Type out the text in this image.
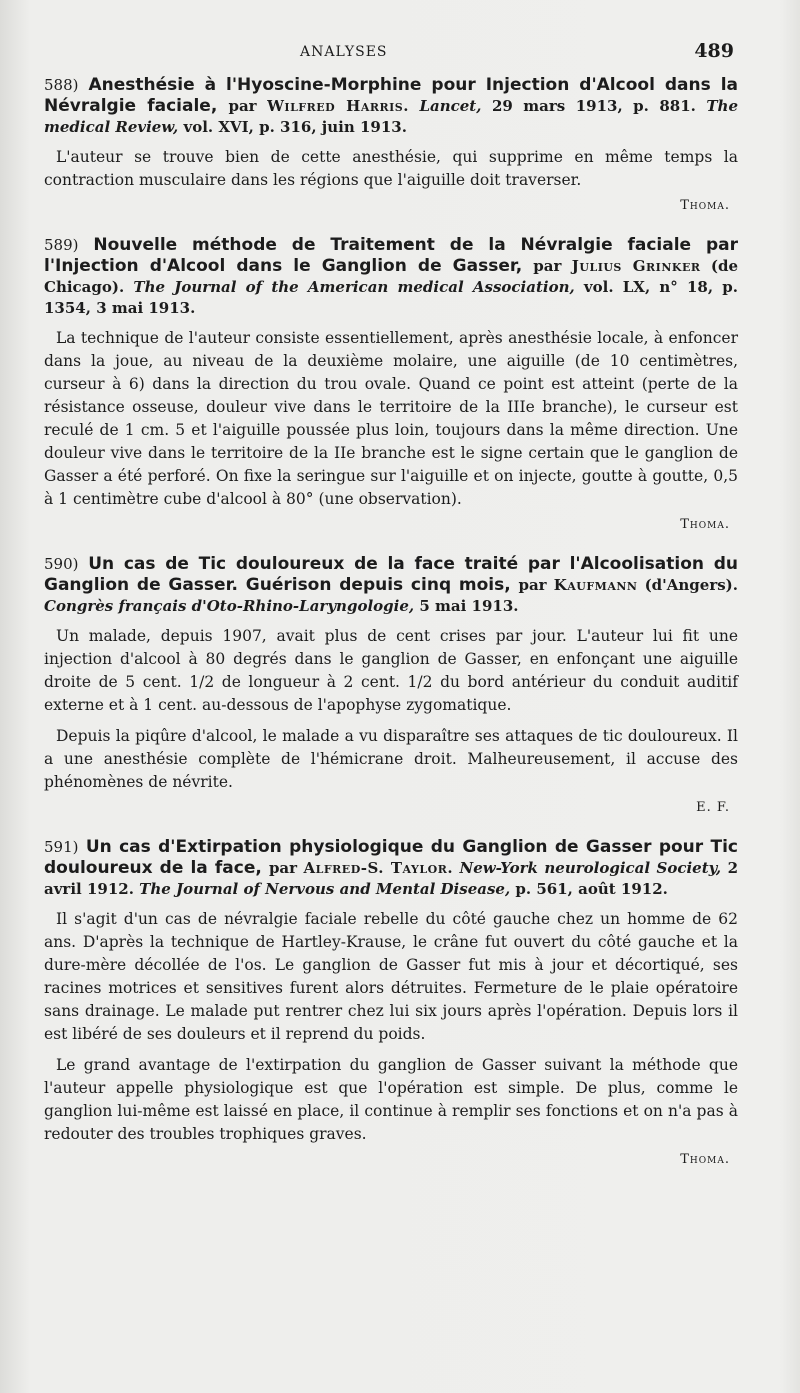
ANALYSES	489
588) Anesthésie à l'Hyoscine-Morphine pour Injection d'Alcool dans la Névralgie faciale, par Wilfred Harris. Lancet, 29 mars 1913, p. 881. The medical Review, vol. XVI, p. 316, juin 1913.

L'auteur se trouve bien de cette anesthésie, qui supprime en même temps la contraction musculaire dans les régions que l'aiguille doit traverser.

Thoma.
589) Nouvelle méthode de Traitement de la Névralgie faciale par l'Injection d'Alcool dans le Ganglion de Gasser, par Julius Grinker (de Chicago). The Journal of the American medical Association, vol. LX, n° 18, p. 1354, 3 mai 1913.

La technique de l'auteur consiste essentiellement, après anesthésie locale, à enfoncer dans la joue, au niveau de la deuxième molaire, une aiguille (de 10 centimètres, curseur à 6) dans la direction du trou ovale. Quand ce point est atteint (perte de la résistance osseuse, douleur vive dans le territoire de la IIIe branche), le curseur est reculé de 1 cm. 5 et l'aiguille poussée plus loin, toujours dans la même direction. Une douleur vive dans le territoire de la IIe branche est le signe certain que le ganglion de Gasser a été perforé. On fixe la seringue sur l'aiguille et on injecte, goutte à goutte, 0,5 à 1 centimètre cube d'alcool à 80° (une observation).

Thoma.
590) Un cas de Tic douloureux de la face traité par l'Alcoolisation du Ganglion de Gasser. Guérison depuis cinq mois, par Kaufmann (d'Angers). Congrès français d'Oto-Rhino-Laryngologie, 5 mai 1913.

Un malade, depuis 1907, avait plus de cent crises par jour. L'auteur lui fit une injection d'alcool à 80 degrés dans le ganglion de Gasser, en enfonçant une aiguille droite de 5 cent. 1/2 de longueur à 2 cent. 1/2 du bord antérieur du conduit auditif externe et à 1 cent. au-dessous de l'apophyse zygomatique.

Depuis la piqûre d'alcool, le malade a vu disparaître ses attaques de tic douloureux. Il a une anesthésie complète de l'hémicrane droit. Malheureusement, il accuse des phénomènes de névrite.

E. F.
591) Un cas d'Extirpation physiologique du Ganglion de Gasser pour Tic douloureux de la face, par Alfred-S. Taylor. New-York neurological Society, 2 avril 1912. The Journal of Nervous and Mental Disease, p. 561, août 1912.

Il s'agit d'un cas de névralgie faciale rebelle du côté gauche chez un homme de 62 ans. D'après la technique de Hartley-Krause, le crâne fut ouvert du côté gauche et la dure-mère décollée de l'os. Le ganglion de Gasser fut mis à jour et décortiqué, ses racines motrices et sensitives furent alors détruites. Fermeture de le plaie opératoire sans drainage. Le malade put rentrer chez lui six jours après l'opération. Depuis lors il est libéré de ses douleurs et il reprend du poids.

Le grand avantage de l'extirpation du ganglion de Gasser suivant la méthode que l'auteur appelle physiologique est que l'opération est simple. De plus, comme le ganglion lui-même est laissé en place, il continue à remplir ses fonctions et on n'a pas à redouter des troubles trophiques graves.

Thoma.
